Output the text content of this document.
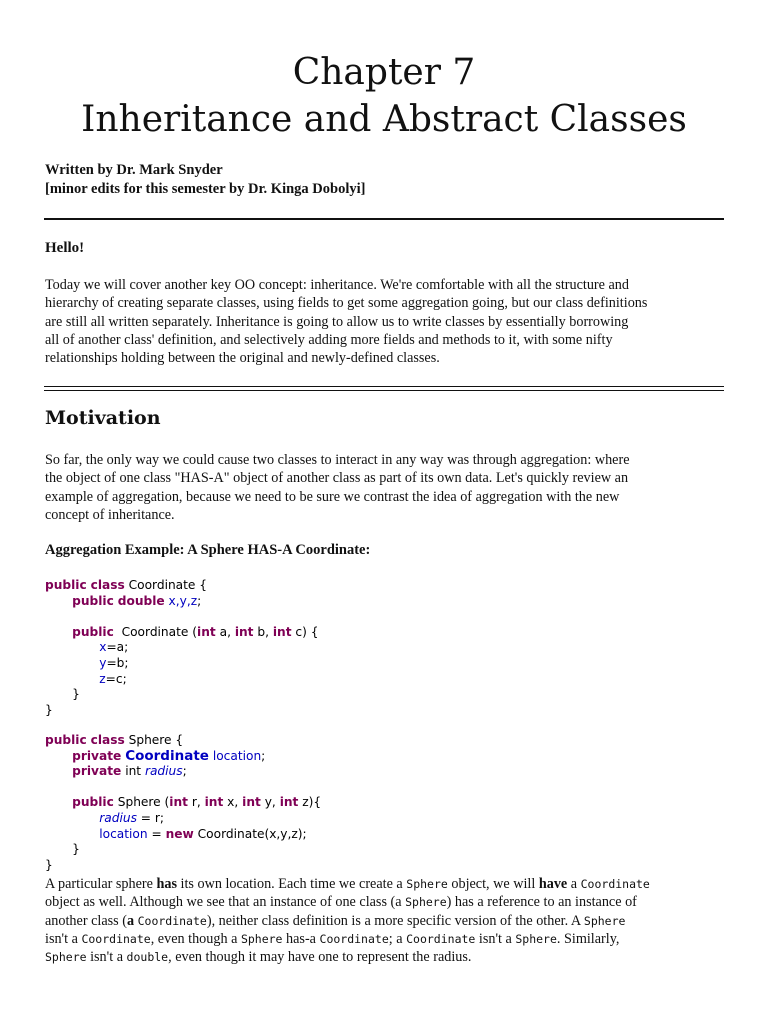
Chapter 7
Inheritance and Abstract Classes
Written by Dr. Mark Snyder
[minor edits for this semester by Dr. Kinga Dobolyi]
Hello!
Today we will cover another key OO concept: inheritance. We're comfortable with all the structure and
hierarchy of creating separate classes, using fields to get some aggregation going, but our class definitions
are still all written separately. Inheritance is going to allow us to write classes by essentially borrowing
all of another class' definition, and selectively adding more fields and methods to it, with some nifty
relationships holding between the original and newly-defined classes.
Motivation
So far, the only way we could cause two classes to interact in any way was through aggregation: where
the object of one class "HAS-A" object of another class as part of its own data. Let's quickly review an
example of aggregation, because we need to be sure we contrast the idea of aggregation with the new
concept of inheritance.
Aggregation Example: A Sphere HAS-A Coordinate:
public class Coordinate {
public double x,y,z;

public Coordinate (int a, int b, int c) {
x=a;
y=b;
z=c;
}
}
public class Sphere {
private Coordinate location;
private int radius;

public Sphere (int r, int x, int y, int z){
radius = r;
location = new Coordinate(x,y,z);
}
}
A particular sphere has its own location. Each time we create a Sphere object, we will have a Coordinate
object as well. Although we see that an instance of one class (a Sphere) has a reference to an instance of
another class (a Coordinate), neither class definition is a more specific version of the other. A Sphere
isn't a Coordinate, even though a Sphere has-a Coordinate; a Coordinate isn't a Sphere. Similarly,
Sphere isn't a double, even though it may have one to represent the radius.
